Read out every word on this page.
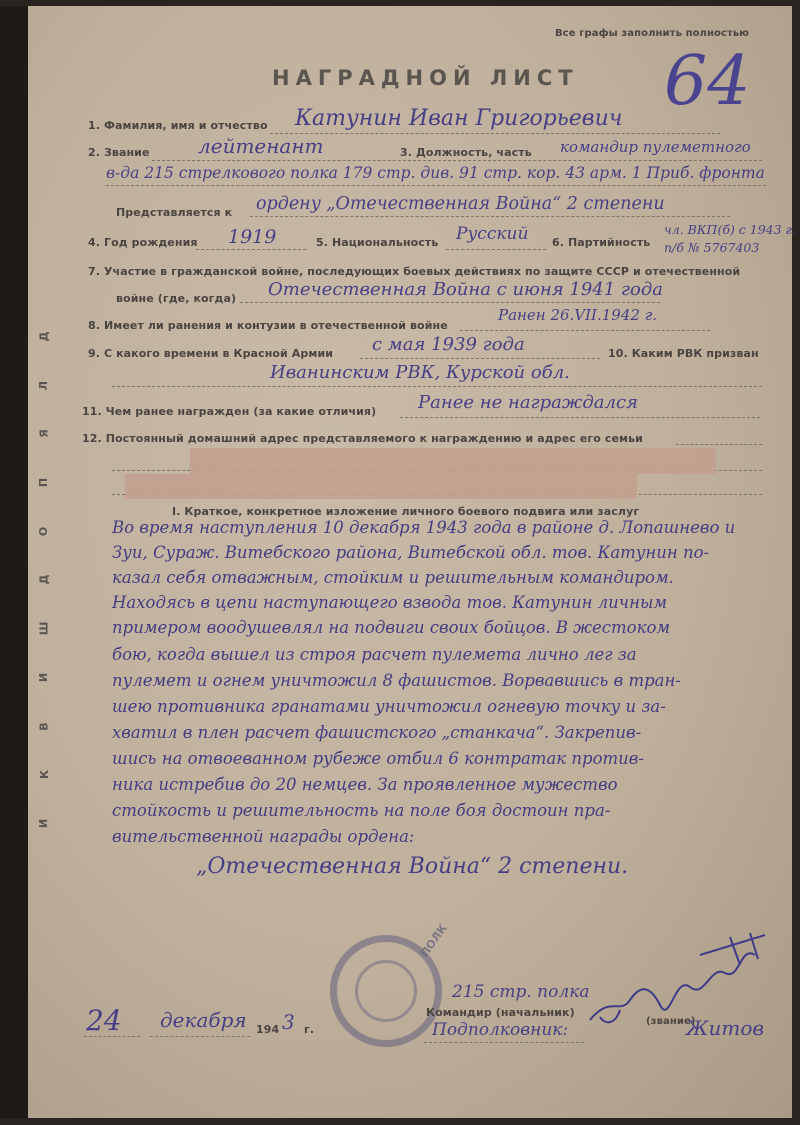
Все графы заполнить полностью
НАГРАДНОЙ ЛИСТ 64
Д
Л
Я
П
О
Д
Ш
И
В
К
И
1. Фамилия, имя и отчество Катунин Иван Григорьевич
2. Звание лейтенант	3. Должность, часть командир пулеметного
в-да 215 стрелкового полка 179 стр. див. 91 стр. кор. 43 арм. 1 Приб. фронта
Представляется к ордену „Отечественная Война“ 2 степени
4. Год рождения 1919	5. Национальность Русский 6. Партийность
чл. ВКП(б) с 1943 г.
п/б № 5767403
7. Участие в гражданской войне, последующих боевых действиях по защите СССР и отечественной
войне (где, когда) Отечественная Война с июня 1941 года
8. Имеет ли ранения и контузии в отечественной войне
Ранен 26.VII.1942 г.
9. С какого времени в Красной Армии с мая 1939 года	10. Каким РВК призван
Иванинским РВК, Курской обл.
11. Чем ранее награжден (за какие отличия) Ранее не награждался
12. Постоянный домашний адрес представляемого к награждению и адрес его семьи
I. Краткое, конкретное изложение личного боевого подвига или заслуг
Во время наступления 10 декабря 1943 года в районе д. Лопашнево и
Зуи, Сураж. Витебского района, Витебской обл. тов. Катунин по-
казал себя отважным, стойким и решительным командиром.
Находясь в цепи наступающего взвода тов. Катунин личным
примером воодушевлял на подвиги своих бойцов. В жестоком
бою, когда вышел из строя расчет пулемета лично лег за
пулемет и огнем уничтожил 8 фашистов. Ворвавшись в тран-
шею противника гранатами уничтожил огневую точку и за-
хватил в плен расчет фашистского „станкача“. Закрепив-
шись на отвоеванном рубеже отбил 6 контратак против-
ника истребив до 20 немцев. За проявленное мужество
стойкость и решительность на поле боя достоин пра-
вительственной награды ордена:
„Отечественная Война“ 2 степени.
ПОЛК
24 декабря 194 3 г.
215 стр. полка
Командир (начальник)
Подполковник:	(звание)
Житов
